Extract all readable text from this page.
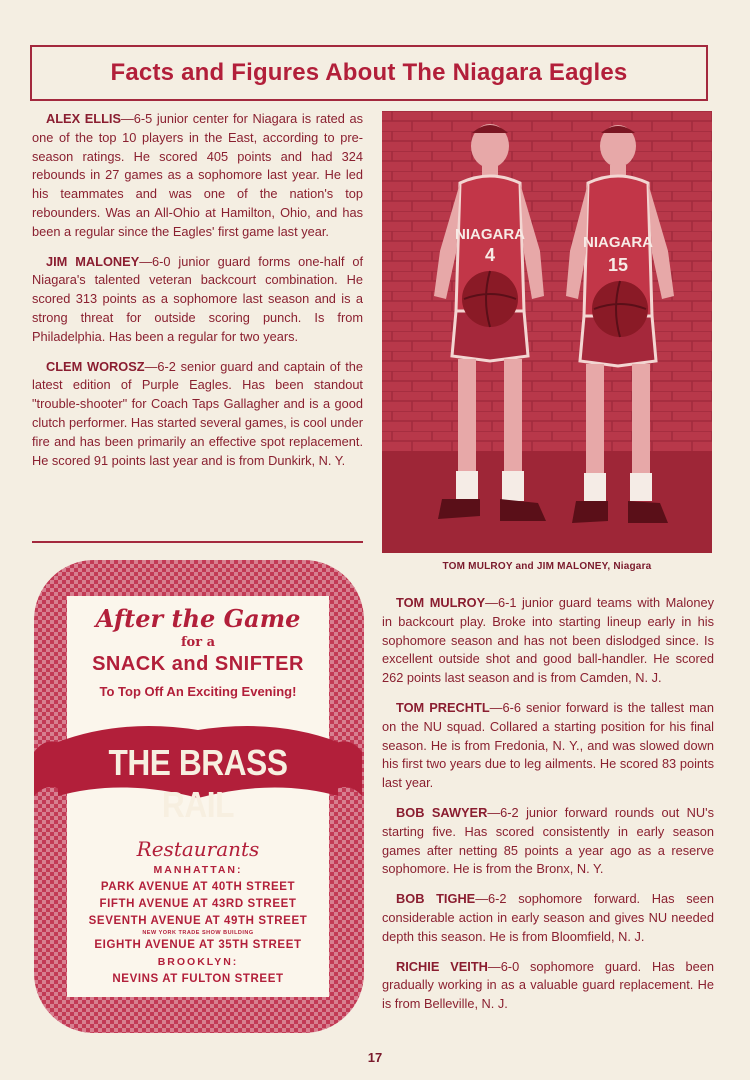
Facts and Figures About The Niagara Eagles

ALEX ELLIS—6-5 junior center for Niagara is rated as one of the top 10 players in the East, according to pre-season ratings. He scored 405 points and had 324 rebounds in 27 games as a sophomore last year. He led his teammates and was one of the nation's top rebounders. Was an All-Ohio at Hamilton, Ohio, and has been a regular since the Eagles' first game last year.

JIM MALONEY—6-0 junior guard forms one-half of Niagara's talented veteran backcourt combination. He scored 313 points as a sophomore last season and is a strong threat for outside scoring punch. Is from Philadelphia. Has been a regular for two years.

CLEM WOROSZ—6-2 senior guard and captain of the latest edition of Purple Eagles. Has been standout "trouble-shooter" for Coach Taps Gallagher and is a good clutch performer. Has started several games, is cool under fire and has been primarily an effective spot replacement. He scored 91 points last year and is from Dunkirk, N. Y.

NIAGARA
4
NIAGARA
15
TOM MULROY and JIM MALONEY, Niagara

TOM MULROY—6-1 junior guard teams with Maloney in backcourt play. Broke into starting lineup early in his sophomore season and has not been dislodged since. Is excellent outside shot and good ball-handler. He scored 262 points last season and is from Camden, N. J.

TOM PRECHTL—6-6 senior forward is the tallest man on the NU squad. Collared a starting position for his final season. He is from Fredonia, N. Y., and was slowed down his first two years due to leg ailments. He scored 83 points last year.

BOB SAWYER—6-2 junior forward rounds out NU's starting five. Has scored consistently in early season games after netting 85 points a year ago as a reserve sophomore. He is from the Bronx, N. Y.

BOB TIGHE—6-2 sophomore forward. Has seen considerable action in early season and gives NU needed depth this season. He is from Bloomfield, N. J.

RICHIE VEITH—6-0 sophomore guard. Has been gradually working in as a valuable guard replacement. He is from Belleville, N. J.

After the Game
for a
SNACK and SNIFTER
To Top Off An Exciting Evening!
THE BRASS RAIL
Restaurants
MANHATTAN:
PARK AVENUE AT 40TH STREET
FIFTH AVENUE AT 43RD STREET
SEVENTH AVENUE AT 49TH STREET
NEW YORK TRADE SHOW BUILDING
EIGHTH AVENUE AT 35TH STREET
BROOKLYN:
NEVINS AT FULTON STREET
17
